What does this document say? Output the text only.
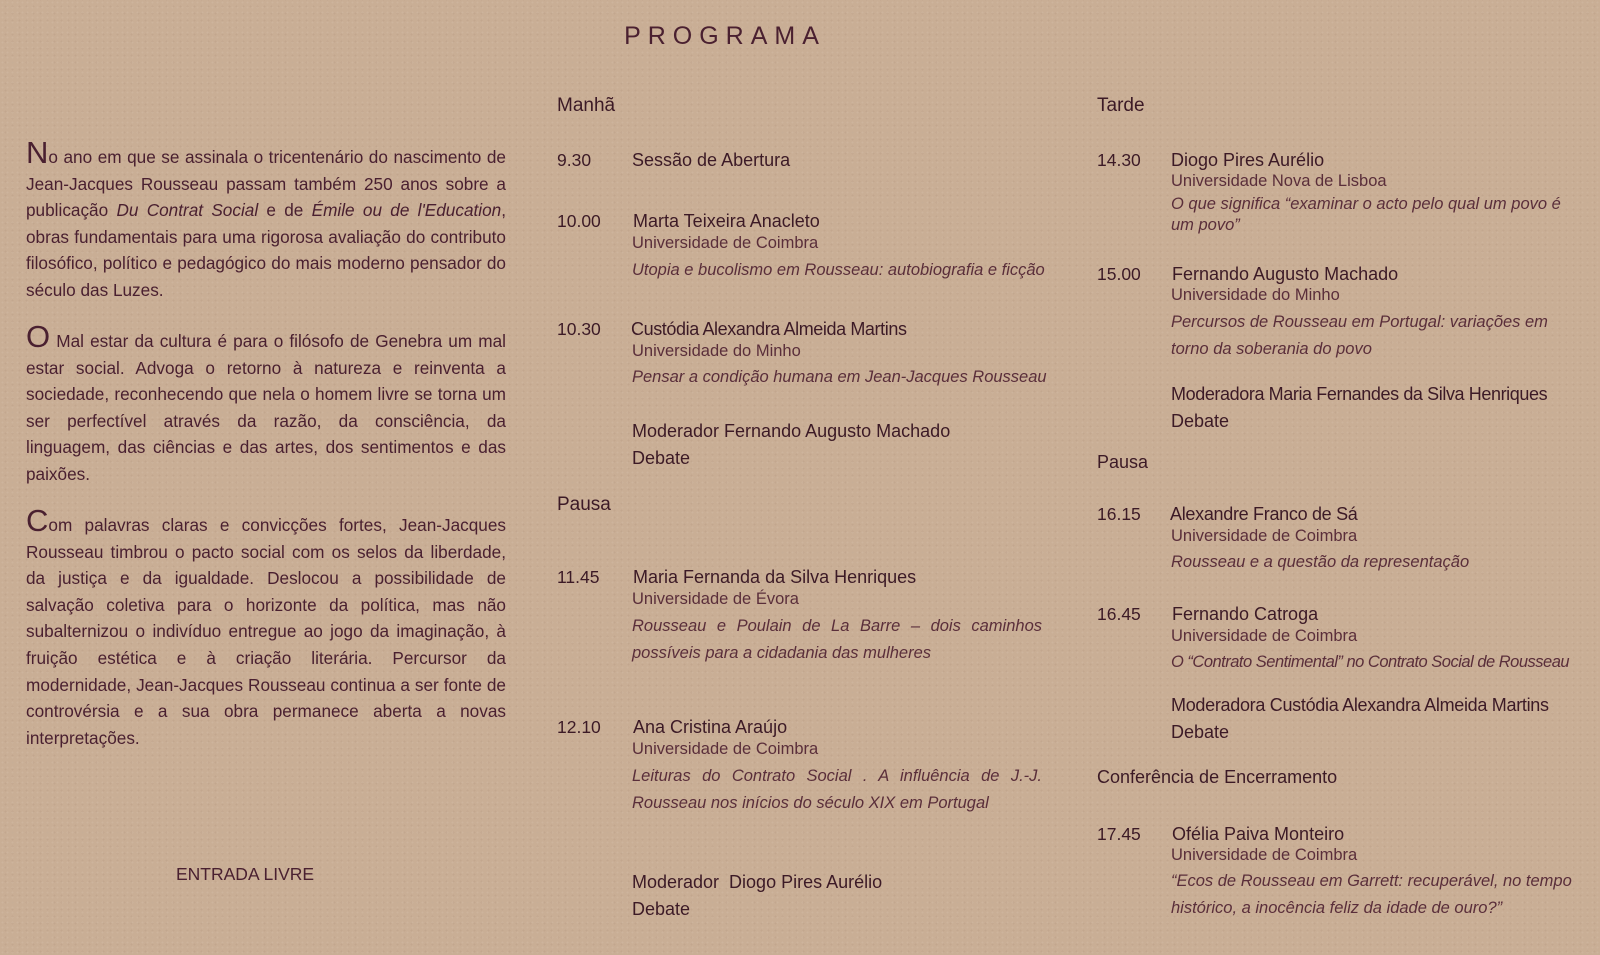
PROGRAMA
No ano em que se assinala o tricentenário do nascimento de Jean-Jacques Rousseau passam também 250 anos sobre a publicação Du Contrat Social e de Émile ou de l'Education, obras fundamentais para uma rigorosa avaliação do contributo filosófico, político e pedagógico do mais moderno pensador do século das Luzes.
O Mal estar da cultura é para o filósofo de Genebra um mal estar social. Advoga o retorno à natureza e reinventa a sociedade, reconhecendo que nela o homem livre se torna um ser perfectível através da razão, da consciência, da linguagem, das ciências e das artes, dos sentimentos e das paixões.
Com palavras claras e convicções fortes, Jean-Jacques Rousseau timbrou o pacto social com os selos da liberdade, da justiça e da igualdade. Deslocou a possibilidade de salvação coletiva para o horizonte da política, mas não subalternizou o indivíduo entregue ao jogo da imaginação, à fruição estética e à criação literária. Percursor da modernidade, Jean-Jacques Rousseau continua a ser fonte de controvérsia e a sua obra permanece aberta a novas interpretações.
ENTRADA LIVRE
Manhã
9.30 Sessão de Abertura
10.00 Marta Teixeira Anacleto
Universidade de Coimbra
Utopia e bucolismo em Rousseau: autobiografia e ficção
10.30 Custódia Alexandra Almeida Martins
Universidade do Minho
Pensar a condição humana em Jean-Jacques Rousseau
Moderador Fernando Augusto Machado
Debate
Pausa
11.45 Maria Fernanda da Silva Henriques
Universidade de Évora
Rousseau e Poulain de La Barre – dois caminhos possíveis para a cidadania das mulheres
12.10 Ana Cristina Araújo
Universidade de Coimbra
Leituras do Contrato Social . A influência de J.-J. Rousseau nos inícios do século XIX em Portugal
Moderador  Diogo Pires Aurélio
Debate
Tarde
14.30 Diogo Pires Aurélio
Universidade Nova de Lisboa
O que significa “examinar o acto pelo qual um povo é um povo”
15.00 Fernando Augusto Machado
Universidade do Minho
Percursos de Rousseau em Portugal: variações em torno da soberania do povo
Moderadora Maria Fernandes da Silva Henriques
Debate
Pausa
16.15 Alexandre Franco de Sá
Universidade de Coimbra
Rousseau e a questão da representação
16.45 Fernando Catroga
Universidade de Coimbra
O “Contrato Sentimental” no Contrato Social de Rousseau
Moderadora Custódia Alexandra Almeida Martins
Debate
Conferência de Encerramento
17.45 Ofélia Paiva Monteiro
Universidade de Coimbra
“Ecos de Rousseau em Garrett: recuperável, no tempo histórico, a inocência feliz da idade de ouro?”
